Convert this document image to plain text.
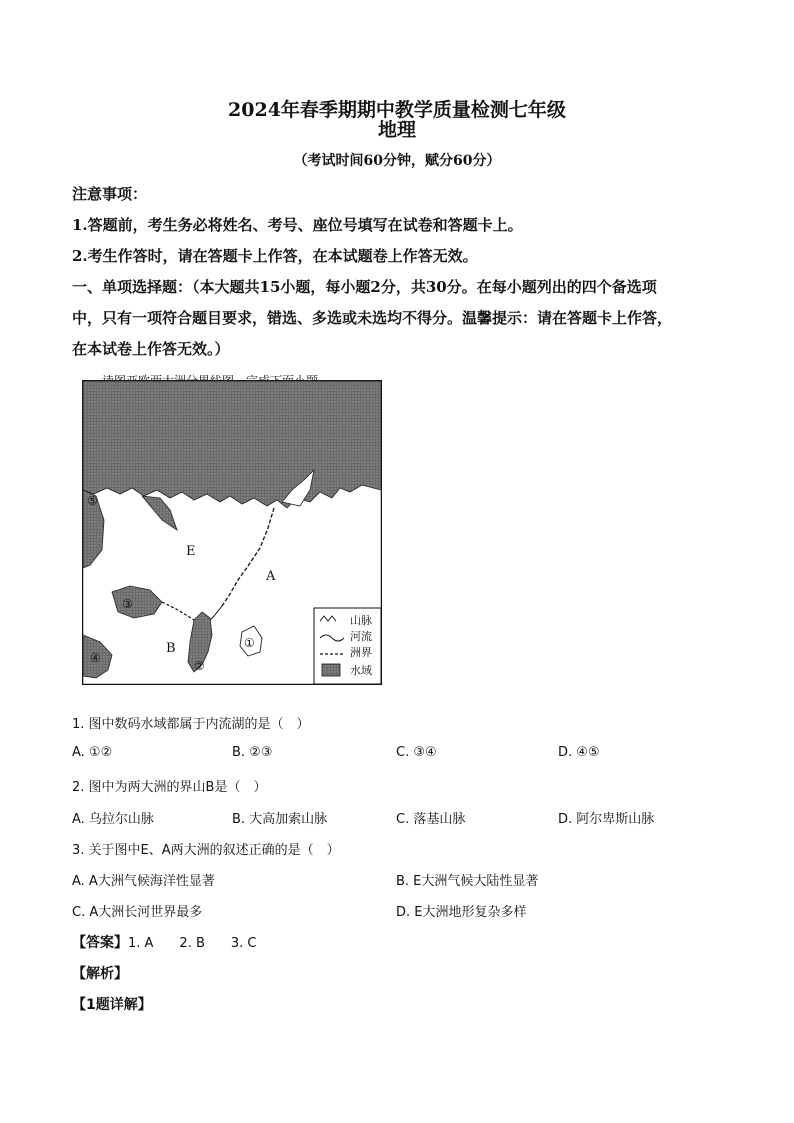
2024年春季期期中教学质量检测七年级
地理
（考试时间60分钟，赋分60分）
注意事项：
1.答题前，考生务必将姓名、考号、座位号填写在试卷和答题卡上。
2.考生作答时，请在答题卡上作答，在本试题卷上作答无效。
一、单项选择题：（本大题共15小题，每小题2分，共30分。在每小题列出的四个备选项
中，只有一项符合题目要求，错选、多选或未选均不得分。温馨提示：请在答题卡上作答，
在本试卷上作答无效。）
E
A
B	①
②
③
④
⑤
山脉
河流
洲界
水域
1. 图中数码水域都属于内流湖的是（　）
A. ①②	B. ②③	C. ③④	D. ④⑤
2. 图中为两大洲的界山B是（　）
A. 乌拉尔山脉	B. 大高加索山脉	C. 落基山脉	D. 阿尔卑斯山脉
3. 关于图中E、A两大洲的叙述正确的是（　）
A. A大洲气候海洋性显著	B. E大洲气候大陆性显著
C. A大洲长河世界最多	D. E大洲地形复杂多样
【答案】1. A　　2. B　　3. C
【解析】
【1题详解】
